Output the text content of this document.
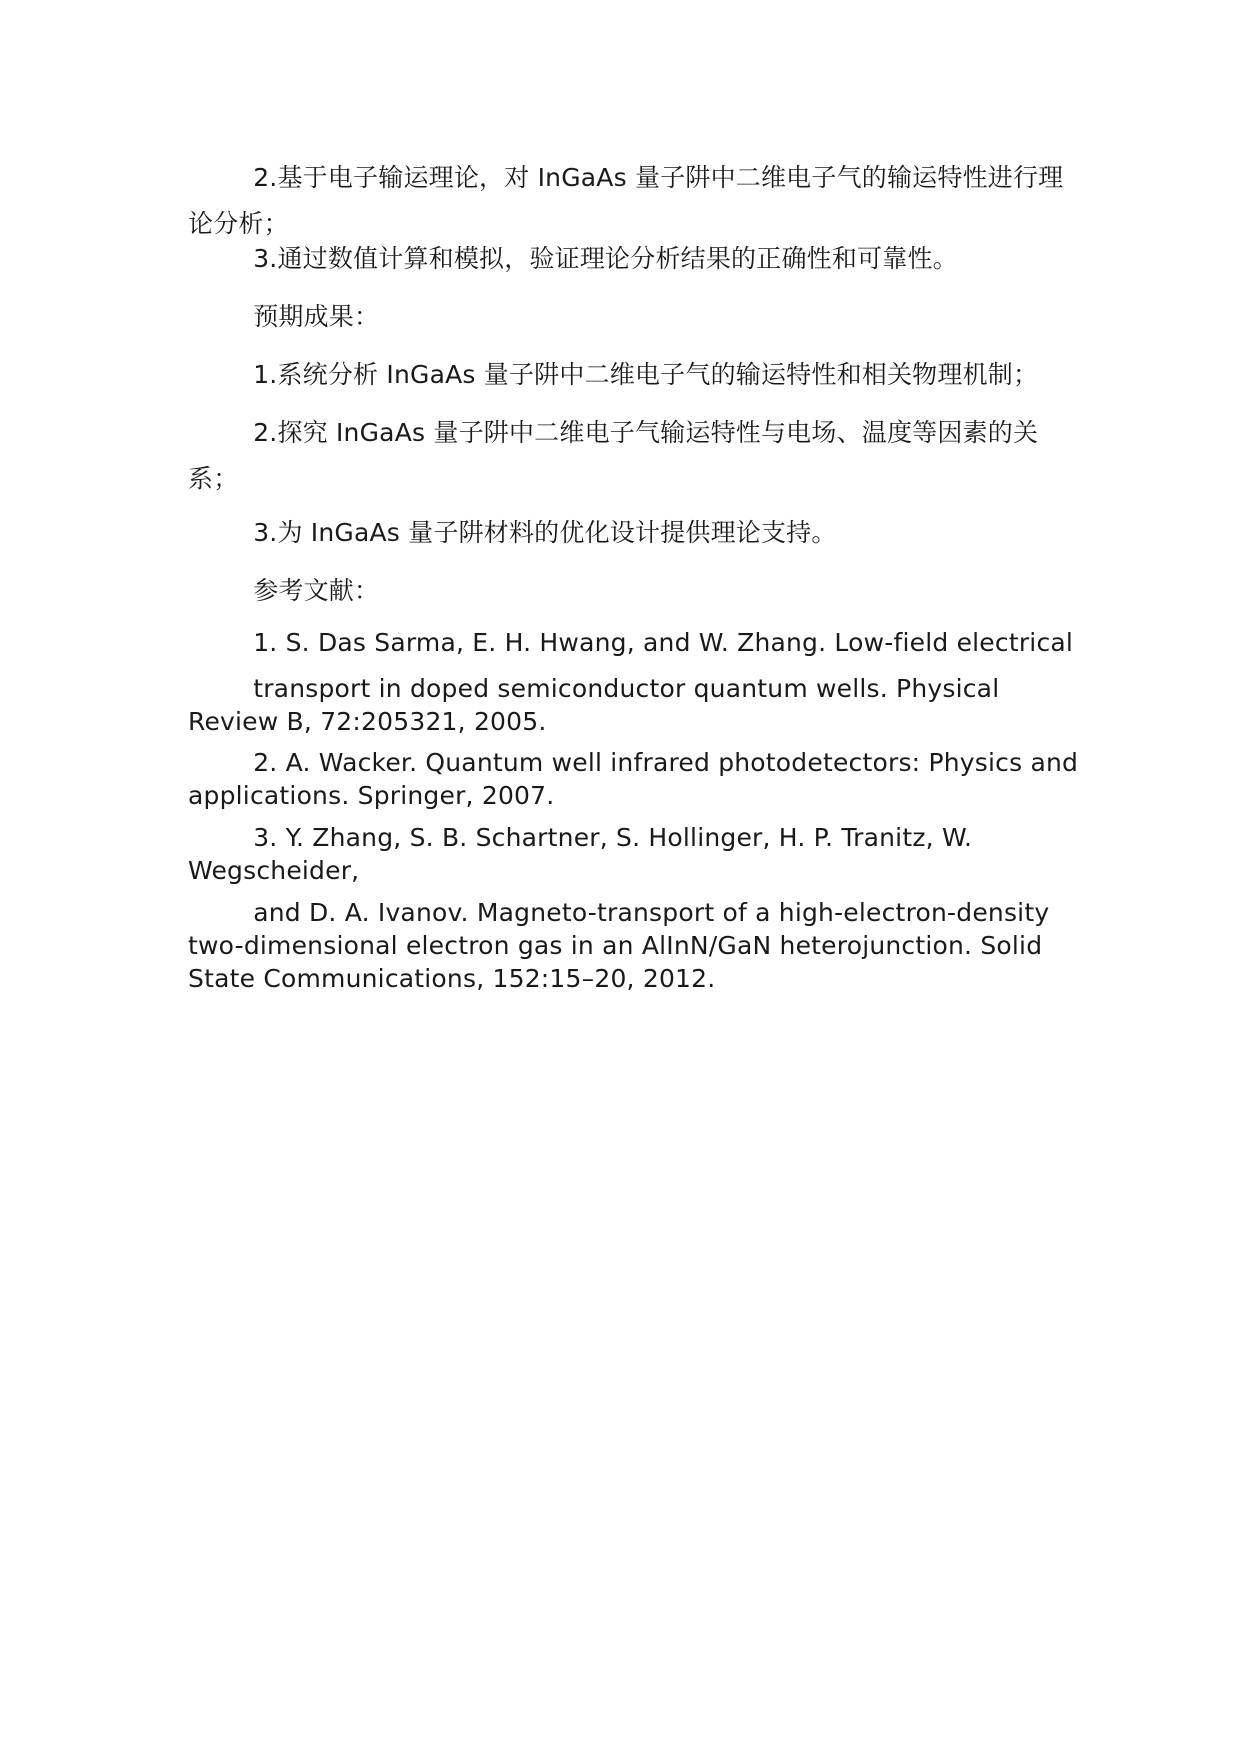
2.基于电子输运理论，对 InGaAs 量子阱中二维电子气的输运特性进行理论分析；
3.通过数值计算和模拟，验证理论分析结果的正确性和可靠性。
预期成果：
1.系统分析 InGaAs 量子阱中二维电子气的输运特性和相关物理机制；
2.探究 InGaAs 量子阱中二维电子气输运特性与电场、温度等因素的关系；
3.为 InGaAs 量子阱材料的优化设计提供理论支持。
参考文献：
1. S. Das Sarma, E. H. Hwang, and W. Zhang. Low-field electrical
transport in doped semiconductor quantum wells. Physical Review B, 72:205321, 2005.
2. A. Wacker. Quantum well infrared photodetectors: Physics and applications. Springer, 2007.
3. Y. Zhang, S. B. Schartner, S. Hollinger, H. P. Tranitz, W. Wegscheider,
and D. A. Ivanov. Magneto-transport of a high-electron-density two-dimensional electron gas in an AlInN/GaN heterojunction. Solid State Communications, 152:15–20, 2012.
